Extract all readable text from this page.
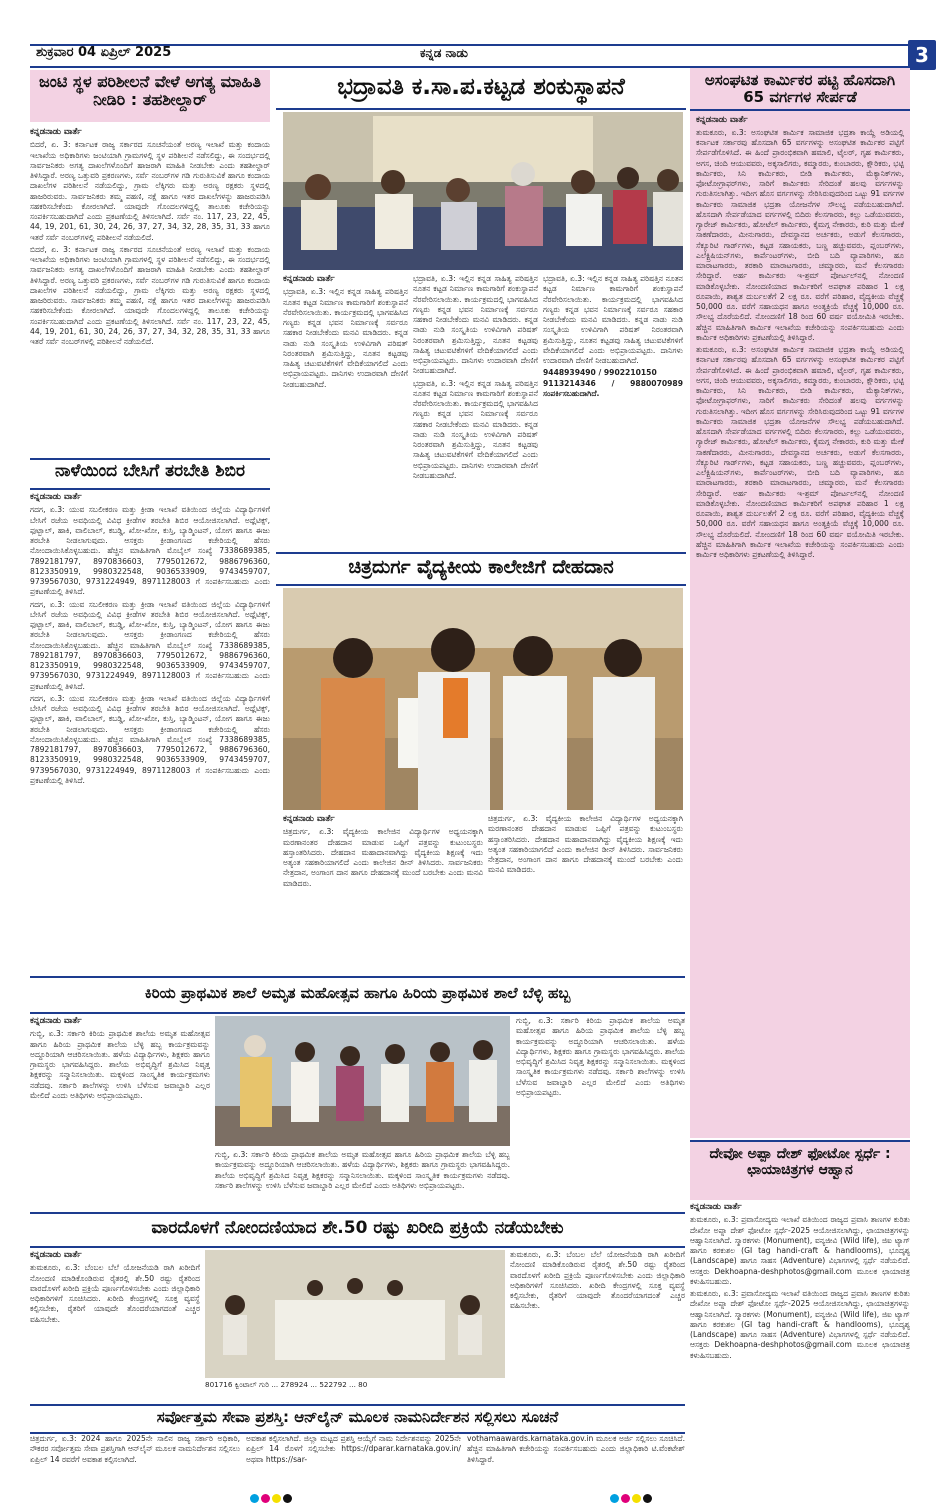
ಶುಕ್ರವಾರ 04 ಏಪ್ರಿಲ್ 2025	ಕನ್ನಡ ನಾಡು	3
ಜಂಟಿ ಸ್ಥಳ ಪರಿಶೀಲನೆ ವೇಳೆ ಅಗತ್ಯ ಮಾಹಿತಿ ನೀಡಿರಿ : ತಹಶೀಲ್ದಾರ್
ಕನ್ನಡನಾಡು ವಾರ್ತೆ

ಬಿದರೆ, ಏ. 3: ಕರ್ನಾಟಕ ರಾಜ್ಯ ಸರ್ಕಾರದ ಸೂಚನೆಯಂತೆ ಅರಣ್ಯ ಇಲಾಖೆ ಮತ್ತು ಕಂದಾಯ ಇಲಾಖೆಯ ಅಧಿಕಾರಿಗಳು ಜಂಟಿಯಾಗಿ ಗ್ರಾಮಗಳಲ್ಲಿ ಸ್ಥಳ ಪರಿಶೀಲನೆ ನಡೆಸಲಿದ್ದು, ಈ ಸಂದರ್ಭದಲ್ಲಿ ಸಾರ್ವಜನಿಕರು ಅಗತ್ಯ ದಾಖಲೆಗಳೊಂದಿಗೆ ಹಾಜರಾಗಿ ಮಾಹಿತಿ ನೀಡಬೇಕು ಎಂದು ತಹಶೀಲ್ದಾರ್ ತಿಳಿಸಿದ್ದಾರೆ. ಅರಣ್ಯ ಒತ್ತುವರಿ ಪ್ರಕರಣಗಳು, ಸರ್ವೆ ನಂಬರ್‌ಗಳ ಗಡಿ ಗುರುತಿಸುವಿಕೆ ಹಾಗೂ ಕಂದಾಯ ದಾಖಲೆಗಳ ಪರಿಶೀಲನೆ ನಡೆಯಲಿದ್ದು, ಗ್ರಾಮ ಲೆಕ್ಕಿಗರು ಮತ್ತು ಅರಣ್ಯ ರಕ್ಷಕರು ಸ್ಥಳದಲ್ಲಿ ಹಾಜರಿರುವರು. ಸಾರ್ವಜನಿಕರು ತಮ್ಮ ಪಹಣಿ, ನಕ್ಷೆ ಹಾಗೂ ಇತರ ದಾಖಲೆಗಳನ್ನು ಹಾಜರುಪಡಿಸಿ ಸಹಕರಿಸಬೇಕೆಂದು ಕೋರಲಾಗಿದೆ. ಯಾವುದೇ ಗೊಂದಲಗಳಿದ್ದಲ್ಲಿ ತಾಲೂಕು ಕಚೇರಿಯನ್ನು ಸಂಪರ್ಕಿಸಬಹುದಾಗಿದೆ ಎಂದು ಪ್ರಕಟಣೆಯಲ್ಲಿ ತಿಳಿಸಲಾಗಿದೆ. ಸರ್ವೆ ನಂ. 117, 23, 22, 45, 44, 19, 201, 61, 30, 24, 26, 37, 27, 34, 32, 28, 35, 31, 33 ಹಾಗೂ ಇತರೆ ಸರ್ವೆ ನಂಬರ್‌ಗಳಲ್ಲಿ ಪರಿಶೀಲನೆ ನಡೆಯಲಿದೆ.

ಬಿದರೆ, ಏ. 3: ಕರ್ನಾಟಕ ರಾಜ್ಯ ಸರ್ಕಾರದ ಸೂಚನೆಯಂತೆ ಅರಣ್ಯ ಇಲಾಖೆ ಮತ್ತು ಕಂದಾಯ ಇಲಾಖೆಯ ಅಧಿಕಾರಿಗಳು ಜಂಟಿಯಾಗಿ ಗ್ರಾಮಗಳಲ್ಲಿ ಸ್ಥಳ ಪರಿಶೀಲನೆ ನಡೆಸಲಿದ್ದು, ಈ ಸಂದರ್ಭದಲ್ಲಿ ಸಾರ್ವಜನಿಕರು ಅಗತ್ಯ ದಾಖಲೆಗಳೊಂದಿಗೆ ಹಾಜರಾಗಿ ಮಾಹಿತಿ ನೀಡಬೇಕು ಎಂದು ತಹಶೀಲ್ದಾರ್ ತಿಳಿಸಿದ್ದಾರೆ. ಅರಣ್ಯ ಒತ್ತುವರಿ ಪ್ರಕರಣಗಳು, ಸರ್ವೆ ನಂಬರ್‌ಗಳ ಗಡಿ ಗುರುತಿಸುವಿಕೆ ಹಾಗೂ ಕಂದಾಯ ದಾಖಲೆಗಳ ಪರಿಶೀಲನೆ ನಡೆಯಲಿದ್ದು, ಗ್ರಾಮ ಲೆಕ್ಕಿಗರು ಮತ್ತು ಅರಣ್ಯ ರಕ್ಷಕರು ಸ್ಥಳದಲ್ಲಿ ಹಾಜರಿರುವರು. ಸಾರ್ವಜನಿಕರು ತಮ್ಮ ಪಹಣಿ, ನಕ್ಷೆ ಹಾಗೂ ಇತರ ದಾಖಲೆಗಳನ್ನು ಹಾಜರುಪಡಿಸಿ ಸಹಕರಿಸಬೇಕೆಂದು ಕೋರಲಾಗಿದೆ. ಯಾವುದೇ ಗೊಂದಲಗಳಿದ್ದಲ್ಲಿ ತಾಲೂಕು ಕಚೇರಿಯನ್ನು ಸಂಪರ್ಕಿಸಬಹುದಾಗಿದೆ ಎಂದು ಪ್ರಕಟಣೆಯಲ್ಲಿ ತಿಳಿಸಲಾಗಿದೆ. ಸರ್ವೆ ನಂ. 117, 23, 22, 45, 44, 19, 201, 61, 30, 24, 26, 37, 27, 34, 32, 28, 35, 31, 33 ಹಾಗೂ ಇತರೆ ಸರ್ವೆ ನಂಬರ್‌ಗಳಲ್ಲಿ ಪರಿಶೀಲನೆ ನಡೆಯಲಿದೆ.

ನಾಳೆಯಿಂದ ಬೇಸಿಗೆ ತರಬೇತಿ ಶಿಬಿರ
ಕನ್ನಡನಾಡು ವಾರ್ತೆ

ಗದಗ, ಏ.3: ಯುವ ಸಬಲೀಕರಣ ಮತ್ತು ಕ್ರೀಡಾ ಇಲಾಖೆ ವತಿಯಿಂದ ಜಿಲ್ಲೆಯ ವಿದ್ಯಾರ್ಥಿಗಳಿಗೆ ಬೇಸಿಗೆ ರಜೆಯ ಅವಧಿಯಲ್ಲಿ ವಿವಿಧ ಕ್ರೀಡೆಗಳ ತರಬೇತಿ ಶಿಬಿರ ಆಯೋಜಿಸಲಾಗಿದೆ. ಅಥ್ಲೆಟಿಕ್ಸ್, ಫುಟ್ಬಾಲ್, ಹಾಕಿ, ವಾಲಿಬಾಲ್, ಕಬಡ್ಡಿ, ಖೋ-ಖೋ, ಕುಸ್ತಿ, ಬ್ಯಾಡ್ಮಿಂಟನ್, ಯೋಗ ಹಾಗೂ ಈಜು ತರಬೇತಿ ನೀಡಲಾಗುವುದು. ಆಸಕ್ತರು ಕ್ರೀಡಾಂಗಣದ ಕಚೇರಿಯಲ್ಲಿ ಹೆಸರು ನೋಂದಾಯಿಸಿಕೊಳ್ಳಬಹುದು. ಹೆಚ್ಚಿನ ಮಾಹಿತಿಗಾಗಿ ಮೊಬೈಲ್ ಸಂಖ್ಯೆ 7338689385, 7892181797, 8970836603, 7795012672, 9886796360, 8123350919, 9980322548, 9036533909, 9743459707, 9739567030, 9731224949, 8971128003 ಗೆ ಸಂಪರ್ಕಿಸಬಹುದು ಎಂದು ಪ್ರಕಟಣೆಯಲ್ಲಿ ತಿಳಿಸಿದೆ.

ಗದಗ, ಏ.3: ಯುವ ಸಬಲೀಕರಣ ಮತ್ತು ಕ್ರೀಡಾ ಇಲಾಖೆ ವತಿಯಿಂದ ಜಿಲ್ಲೆಯ ವಿದ್ಯಾರ್ಥಿಗಳಿಗೆ ಬೇಸಿಗೆ ರಜೆಯ ಅವಧಿಯಲ್ಲಿ ವಿವಿಧ ಕ್ರೀಡೆಗಳ ತರಬೇತಿ ಶಿಬಿರ ಆಯೋಜಿಸಲಾಗಿದೆ. ಅಥ್ಲೆಟಿಕ್ಸ್, ಫುಟ್ಬಾಲ್, ಹಾಕಿ, ವಾಲಿಬಾಲ್, ಕಬಡ್ಡಿ, ಖೋ-ಖೋ, ಕುಸ್ತಿ, ಬ್ಯಾಡ್ಮಿಂಟನ್, ಯೋಗ ಹಾಗೂ ಈಜು ತರಬೇತಿ ನೀಡಲಾಗುವುದು. ಆಸಕ್ತರು ಕ್ರೀಡಾಂಗಣದ ಕಚೇರಿಯಲ್ಲಿ ಹೆಸರು ನೋಂದಾಯಿಸಿಕೊಳ್ಳಬಹುದು. ಹೆಚ್ಚಿನ ಮಾಹಿತಿಗಾಗಿ ಮೊಬೈಲ್ ಸಂಖ್ಯೆ 7338689385, 7892181797, 8970836603, 7795012672, 9886796360, 8123350919, 9980322548, 9036533909, 9743459707, 9739567030, 9731224949, 8971128003 ಗೆ ಸಂಪರ್ಕಿಸಬಹುದು ಎಂದು ಪ್ರಕಟಣೆಯಲ್ಲಿ ತಿಳಿಸಿದೆ.

ಗದಗ, ಏ.3: ಯುವ ಸಬಲೀಕರಣ ಮತ್ತು ಕ್ರೀಡಾ ಇಲಾಖೆ ವತಿಯಿಂದ ಜಿಲ್ಲೆಯ ವಿದ್ಯಾರ್ಥಿಗಳಿಗೆ ಬೇಸಿಗೆ ರಜೆಯ ಅವಧಿಯಲ್ಲಿ ವಿವಿಧ ಕ್ರೀಡೆಗಳ ತರಬೇತಿ ಶಿಬಿರ ಆಯೋಜಿಸಲಾಗಿದೆ. ಅಥ್ಲೆಟಿಕ್ಸ್, ಫುಟ್ಬಾಲ್, ಹಾಕಿ, ವಾಲಿಬಾಲ್, ಕಬಡ್ಡಿ, ಖೋ-ಖೋ, ಕುಸ್ತಿ, ಬ್ಯಾಡ್ಮಿಂಟನ್, ಯೋಗ ಹಾಗೂ ಈಜು ತರಬೇತಿ ನೀಡಲಾಗುವುದು. ಆಸಕ್ತರು ಕ್ರೀಡಾಂಗಣದ ಕಚೇರಿಯಲ್ಲಿ ಹೆಸರು ನೋಂದಾಯಿಸಿಕೊಳ್ಳಬಹುದು. ಹೆಚ್ಚಿನ ಮಾಹಿತಿಗಾಗಿ ಮೊಬೈಲ್ ಸಂಖ್ಯೆ 7338689385, 7892181797, 8970836603, 7795012672, 9886796360, 8123350919, 9980322548, 9036533909, 9743459707, 9739567030, 9731224949, 8971128003 ಗೆ ಸಂಪರ್ಕಿಸಬಹುದು ಎಂದು ಪ್ರಕಟಣೆಯಲ್ಲಿ ತಿಳಿಸಿದೆ.

ಭದ್ರಾವತಿ ಕ.ಸಾ.ಪ.ಕಟ್ಟಡ ಶಂಕುಸ್ಥಾಪನೆ
ಕನ್ನಡನಾಡು ವಾರ್ತೆ

ಭದ್ರಾವತಿ, ಏ.3: ಇಲ್ಲಿನ ಕನ್ನಡ ಸಾಹಿತ್ಯ ಪರಿಷತ್ತಿನ ನೂತನ ಕಟ್ಟಡ ನಿರ್ಮಾಣ ಕಾಮಗಾರಿಗೆ ಶಂಕುಸ್ಥಾಪನೆ ನೆರವೇರಿಸಲಾಯಿತು. ಕಾರ್ಯಕ್ರಮದಲ್ಲಿ ಭಾಗವಹಿಸಿದ ಗಣ್ಯರು ಕನ್ನಡ ಭವನ ನಿರ್ಮಾಣಕ್ಕೆ ಸರ್ವರೂ ಸಹಕಾರ ನೀಡಬೇಕೆಂದು ಮನವಿ ಮಾಡಿದರು. ಕನ್ನಡ ನಾಡು ನುಡಿ ಸಂಸ್ಕೃತಿಯ ಉಳಿವಿಗಾಗಿ ಪರಿಷತ್ ನಿರಂತರವಾಗಿ ಶ್ರಮಿಸುತ್ತಿದ್ದು, ನೂತನ ಕಟ್ಟಡವು ಸಾಹಿತ್ಯ ಚಟುವಟಿಕೆಗಳಿಗೆ ವೇದಿಕೆಯಾಗಲಿದೆ ಎಂದು ಅಭಿಪ್ರಾಯಪಟ್ಟರು. ದಾನಿಗಳು ಉದಾರವಾಗಿ ದೇಣಿಗೆ ನೀಡಬಹುದಾಗಿದೆ.

ಭದ್ರಾವತಿ, ಏ.3: ಇಲ್ಲಿನ ಕನ್ನಡ ಸಾಹಿತ್ಯ ಪರಿಷತ್ತಿನ ನೂತನ ಕಟ್ಟಡ ನಿರ್ಮಾಣ ಕಾಮಗಾರಿಗೆ ಶಂಕುಸ್ಥಾಪನೆ ನೆರವೇರಿಸಲಾಯಿತು. ಕಾರ್ಯಕ್ರಮದಲ್ಲಿ ಭಾಗವಹಿಸಿದ ಗಣ್ಯರು ಕನ್ನಡ ಭವನ ನಿರ್ಮಾಣಕ್ಕೆ ಸರ್ವರೂ ಸಹಕಾರ ನೀಡಬೇಕೆಂದು ಮನವಿ ಮಾಡಿದರು. ಕನ್ನಡ ನಾಡು ನುಡಿ ಸಂಸ್ಕೃತಿಯ ಉಳಿವಿಗಾಗಿ ಪರಿಷತ್ ನಿರಂತರವಾಗಿ ಶ್ರಮಿಸುತ್ತಿದ್ದು, ನೂತನ ಕಟ್ಟಡವು ಸಾಹಿತ್ಯ ಚಟುವಟಿಕೆಗಳಿಗೆ ವೇದಿಕೆಯಾಗಲಿದೆ ಎಂದು ಅಭಿಪ್ರಾಯಪಟ್ಟರು. ದಾನಿಗಳು ಉದಾರವಾಗಿ ದೇಣಿಗೆ ನೀಡಬಹುದಾಗಿದೆ.

ಭದ್ರಾವತಿ, ಏ.3: ಇಲ್ಲಿನ ಕನ್ನಡ ಸಾಹಿತ್ಯ ಪರಿಷತ್ತಿನ ನೂತನ ಕಟ್ಟಡ ನಿರ್ಮಾಣ ಕಾಮಗಾರಿಗೆ ಶಂಕುಸ್ಥಾಪನೆ ನೆರವೇರಿಸಲಾಯಿತು. ಕಾರ್ಯಕ್ರಮದಲ್ಲಿ ಭಾಗವಹಿಸಿದ ಗಣ್ಯರು ಕನ್ನಡ ಭವನ ನಿರ್ಮಾಣಕ್ಕೆ ಸರ್ವರೂ ಸಹಕಾರ ನೀಡಬೇಕೆಂದು ಮನವಿ ಮಾಡಿದರು. ಕನ್ನಡ ನಾಡು ನುಡಿ ಸಂಸ್ಕೃತಿಯ ಉಳಿವಿಗಾಗಿ ಪರಿಷತ್ ನಿರಂತರವಾಗಿ ಶ್ರಮಿಸುತ್ತಿದ್ದು, ನೂತನ ಕಟ್ಟಡವು ಸಾಹಿತ್ಯ ಚಟುವಟಿಕೆಗಳಿಗೆ ವೇದಿಕೆಯಾಗಲಿದೆ ಎಂದು ಅಭಿಪ್ರಾಯಪಟ್ಟರು. ದಾನಿಗಳು ಉದಾರವಾಗಿ ದೇಣಿಗೆ ನೀಡಬಹುದಾಗಿದೆ.

ಭದ್ರಾವತಿ, ಏ.3: ಇಲ್ಲಿನ ಕನ್ನಡ ಸಾಹಿತ್ಯ ಪರಿಷತ್ತಿನ ನೂತನ ಕಟ್ಟಡ ನಿರ್ಮಾಣ ಕಾಮಗಾರಿಗೆ ಶಂಕುಸ್ಥಾಪನೆ ನೆರವೇರಿಸಲಾಯಿತು. ಕಾರ್ಯಕ್ರಮದಲ್ಲಿ ಭಾಗವಹಿಸಿದ ಗಣ್ಯರು ಕನ್ನಡ ಭವನ ನಿರ್ಮಾಣಕ್ಕೆ ಸರ್ವರೂ ಸಹಕಾರ ನೀಡಬೇಕೆಂದು ಮನವಿ ಮಾಡಿದರು. ಕನ್ನಡ ನಾಡು ನುಡಿ ಸಂಸ್ಕೃತಿಯ ಉಳಿವಿಗಾಗಿ ಪರಿಷತ್ ನಿರಂತರವಾಗಿ ಶ್ರಮಿಸುತ್ತಿದ್ದು, ನೂತನ ಕಟ್ಟಡವು ಸಾಹಿತ್ಯ ಚಟುವಟಿಕೆಗಳಿಗೆ ವೇದಿಕೆಯಾಗಲಿದೆ ಎಂದು ಅಭಿಪ್ರಾಯಪಟ್ಟರು. ದಾನಿಗಳು ಉದಾರವಾಗಿ ದೇಣಿಗೆ ನೀಡಬಹುದಾಗಿದೆ.

9448939490 / 9902210150
9113214346 / 9880070989 ಸಂಪರ್ಕಿಸಬಹುದಾಗಿದೆ.

ಚಿತ್ರದುರ್ಗ ವೈದ್ಯಕೀಯ ಕಾಲೇಜಿಗೆ ದೇಹದಾನ
ಕನ್ನಡನಾಡು ವಾರ್ತೆ

ಚಿತ್ರದುರ್ಗ, ಏ.3: ವೈದ್ಯಕೀಯ ಕಾಲೇಜಿನ ವಿದ್ಯಾರ್ಥಿಗಳ ಅಧ್ಯಯನಕ್ಕಾಗಿ ಮರಣಾನಂತರ ದೇಹದಾನ ಮಾಡುವ ಒಪ್ಪಿಗೆ ಪತ್ರವನ್ನು ಕುಟುಂಬಸ್ಥರು ಹಸ್ತಾಂತರಿಸಿದರು. ದೇಹದಾನ ಮಹಾದಾನವಾಗಿದ್ದು ವೈದ್ಯಕೀಯ ಶಿಕ್ಷಣಕ್ಕೆ ಇದು ಅತ್ಯಂತ ಸಹಕಾರಿಯಾಗಲಿದೆ ಎಂದು ಕಾಲೇಜಿನ ಡೀನ್ ತಿಳಿಸಿದರು. ಸಾರ್ವಜನಿಕರು ನೇತ್ರದಾನ, ಅಂಗಾಂಗ ದಾನ ಹಾಗೂ ದೇಹದಾನಕ್ಕೆ ಮುಂದೆ ಬರಬೇಕು ಎಂದು ಮನವಿ ಮಾಡಿದರು.

ಚಿತ್ರದುರ್ಗ, ಏ.3: ವೈದ್ಯಕೀಯ ಕಾಲೇಜಿನ ವಿದ್ಯಾರ್ಥಿಗಳ ಅಧ್ಯಯನಕ್ಕಾಗಿ ಮರಣಾನಂತರ ದೇಹದಾನ ಮಾಡುವ ಒಪ್ಪಿಗೆ ಪತ್ರವನ್ನು ಕುಟುಂಬಸ್ಥರು ಹಸ್ತಾಂತರಿಸಿದರು. ದೇಹದಾನ ಮಹಾದಾನವಾಗಿದ್ದು ವೈದ್ಯಕೀಯ ಶಿಕ್ಷಣಕ್ಕೆ ಇದು ಅತ್ಯಂತ ಸಹಕಾರಿಯಾಗಲಿದೆ ಎಂದು ಕಾಲೇಜಿನ ಡೀನ್ ತಿಳಿಸಿದರು. ಸಾರ್ವಜನಿಕರು ನೇತ್ರದಾನ, ಅಂಗಾಂಗ ದಾನ ಹಾಗೂ ದೇಹದಾನಕ್ಕೆ ಮುಂದೆ ಬರಬೇಕು ಎಂದು ಮನವಿ ಮಾಡಿದರು.

ಅಸಂಘಟಿತ ಕಾರ್ಮಿಕರ ಪಟ್ಟಿ ಹೊಸದಾಗಿ 65 ವರ್ಗಗಳ ಸೇರ್ಪಡೆ
ಕನ್ನಡನಾಡು ವಾರ್ತೆ

ತುಮಕೂರು, ಏ.3: ಅಸಂಘಟಿತ ಕಾರ್ಮಿಕ ಸಾಮಾಜಿಕ ಭದ್ರತಾ ಕಾಯ್ದೆ ಅಡಿಯಲ್ಲಿ ಕರ್ನಾಟಕ ಸರ್ಕಾರವು ಹೊಸದಾಗಿ 65 ವರ್ಗಗಳನ್ನು ಅಸಂಘಟಿತ ಕಾರ್ಮಿಕರ ಪಟ್ಟಿಗೆ ಸೇರ್ಪಡೆಗೊಳಿಸಿದೆ. ಈ ಹಿಂದೆ ಪ್ರಾರಂಭಿಕವಾಗಿ ಹಮಾಲಿ, ಟೈಲರ್, ಗೃಹ ಕಾರ್ಮಿಕರು, ಅಗಸ, ಚಿಂದಿ ಆಯುವವರು, ಅಕ್ಕಸಾಲಿಗರು, ಕಮ್ಮಾರರು, ಕುಂಬಾರರು, ಕ್ಷೌರಿಕರು, ಭಟ್ಟಿ ಕಾರ್ಮಿಕರು, ಸಿನಿ ಕಾರ್ಮಿಕರು, ಬೀಡಿ ಕಾರ್ಮಿಕರು, ಮೆಕ್ಯಾನಿಕ್‌ಗಳು, ಫೋಟೋಗ್ರಾಫರ್‌ಗಳು, ಸಾರಿಗೆ ಕಾರ್ಮಿಕರು ಸೇರಿದಂತೆ ಹಲವು ವರ್ಗಗಳನ್ನು ಗುರುತಿಸಲಾಗಿತ್ತು. ಇದೀಗ ಹೊಸ ವರ್ಗಗಳನ್ನು ಸೇರಿಸಿರುವುದರಿಂದ ಒಟ್ಟು 91 ವರ್ಗಗಳ ಕಾರ್ಮಿಕರು ಸಾಮಾಜಿಕ ಭದ್ರತಾ ಯೋಜನೆಗಳ ಸೌಲಭ್ಯ ಪಡೆಯಬಹುದಾಗಿದೆ. ಹೊಸದಾಗಿ ಸೇರ್ಪಡೆಯಾದ ವರ್ಗಗಳಲ್ಲಿ ಬಿದಿರು ಕೆಲಸಗಾರರು, ಕಲ್ಲು ಒಡೆಯುವವರು, ಗ್ಯಾರೇಜ್ ಕಾರ್ಮಿಕರು, ಹೋಟೆಲ್ ಕಾರ್ಮಿಕರು, ಕೈಮಗ್ಗ ನೇಕಾರರು, ಕುರಿ ಮತ್ತು ಮೇಕೆ ಸಾಕಣೆದಾರರು, ಮೀನುಗಾರರು, ದೇವಸ್ಥಾನದ ಅರ್ಚಕರು, ಅಡುಗೆ ಕೆಲಸಗಾರರು, ಸೆಕ್ಯೂರಿಟಿ ಗಾರ್ಡ್‌ಗಳು, ಕಟ್ಟಡ ಸಹಾಯಕರು, ಬಣ್ಣ ಹಚ್ಚುವವರು, ಪ್ಲಂಬರ್‌ಗಳು, ಎಲೆಕ್ಟ್ರಿಷಿಯನ್‌ಗಳು, ಕಾರ್ಪೆಂಟರ್‌ಗಳು, ಬೀದಿ ಬದಿ ವ್ಯಾಪಾರಿಗಳು, ಹೂ ಮಾರಾಟಗಾರರು, ತರಕಾರಿ ಮಾರಾಟಗಾರರು, ಚಮ್ಮಾರರು, ಮನೆ ಕೆಲಸಗಾರರು ಸೇರಿದ್ದಾರೆ. ಅರ್ಹ ಕಾರ್ಮಿಕರು ಇ-ಶ್ರಮ್ ಪೋರ್ಟಲ್‌ನಲ್ಲಿ ನೋಂದಣಿ ಮಾಡಿಕೊಳ್ಳಬೇಕು. ನೋಂದಣಿಯಾದ ಕಾರ್ಮಿಕರಿಗೆ ಅಪಘಾತ ಪರಿಹಾರ 1 ಲಕ್ಷ ರೂಪಾಯಿ, ಶಾಶ್ವತ ದುರ್ಬಲತೆಗೆ 2 ಲಕ್ಷ ರೂ. ವರೆಗೆ ಪರಿಹಾರ, ವೈದ್ಯಕೀಯ ವೆಚ್ಚಕ್ಕೆ 50,000 ರೂ. ವರೆಗೆ ಸಹಾಯಧನ ಹಾಗೂ ಅಂತ್ಯಕ್ರಿಯೆ ವೆಚ್ಚಕ್ಕೆ 10,000 ರೂ. ಸೌಲಭ್ಯ ದೊರೆಯಲಿದೆ. ನೋಂದಣಿಗೆ 18 ರಿಂದ 60 ವರ್ಷ ವಯೋಮಿತಿ ಇರಬೇಕು. ಹೆಚ್ಚಿನ ಮಾಹಿತಿಗಾಗಿ ಕಾರ್ಮಿಕ ಇಲಾಖೆಯ ಕಚೇರಿಯನ್ನು ಸಂಪರ್ಕಿಸಬಹುದು ಎಂದು ಕಾರ್ಮಿಕ ಅಧಿಕಾರಿಗಳು ಪ್ರಕಟಣೆಯಲ್ಲಿ ತಿಳಿಸಿದ್ದಾರೆ.

ತುಮಕೂರು, ಏ.3: ಅಸಂಘಟಿತ ಕಾರ್ಮಿಕ ಸಾಮಾಜಿಕ ಭದ್ರತಾ ಕಾಯ್ದೆ ಅಡಿಯಲ್ಲಿ ಕರ್ನಾಟಕ ಸರ್ಕಾರವು ಹೊಸದಾಗಿ 65 ವರ್ಗಗಳನ್ನು ಅಸಂಘಟಿತ ಕಾರ್ಮಿಕರ ಪಟ್ಟಿಗೆ ಸೇರ್ಪಡೆಗೊಳಿಸಿದೆ. ಈ ಹಿಂದೆ ಪ್ರಾರಂಭಿಕವಾಗಿ ಹಮಾಲಿ, ಟೈಲರ್, ಗೃಹ ಕಾರ್ಮಿಕರು, ಅಗಸ, ಚಿಂದಿ ಆಯುವವರು, ಅಕ್ಕಸಾಲಿಗರು, ಕಮ್ಮಾರರು, ಕುಂಬಾರರು, ಕ್ಷೌರಿಕರು, ಭಟ್ಟಿ ಕಾರ್ಮಿಕರು, ಸಿನಿ ಕಾರ್ಮಿಕರು, ಬೀಡಿ ಕಾರ್ಮಿಕರು, ಮೆಕ್ಯಾನಿಕ್‌ಗಳು, ಫೋಟೋಗ್ರಾಫರ್‌ಗಳು, ಸಾರಿಗೆ ಕಾರ್ಮಿಕರು ಸೇರಿದಂತೆ ಹಲವು ವರ್ಗಗಳನ್ನು ಗುರುತಿಸಲಾಗಿತ್ತು. ಇದೀಗ ಹೊಸ ವರ್ಗಗಳನ್ನು ಸೇರಿಸಿರುವುದರಿಂದ ಒಟ್ಟು 91 ವರ್ಗಗಳ ಕಾರ್ಮಿಕರು ಸಾಮಾಜಿಕ ಭದ್ರತಾ ಯೋಜನೆಗಳ ಸೌಲಭ್ಯ ಪಡೆಯಬಹುದಾಗಿದೆ. ಹೊಸದಾಗಿ ಸೇರ್ಪಡೆಯಾದ ವರ್ಗಗಳಲ್ಲಿ ಬಿದಿರು ಕೆಲಸಗಾರರು, ಕಲ್ಲು ಒಡೆಯುವವರು, ಗ್ಯಾರೇಜ್ ಕಾರ್ಮಿಕರು, ಹೋಟೆಲ್ ಕಾರ್ಮಿಕರು, ಕೈಮಗ್ಗ ನೇಕಾರರು, ಕುರಿ ಮತ್ತು ಮೇಕೆ ಸಾಕಣೆದಾರರು, ಮೀನುಗಾರರು, ದೇವಸ್ಥಾನದ ಅರ್ಚಕರು, ಅಡುಗೆ ಕೆಲಸಗಾರರು, ಸೆಕ್ಯೂರಿಟಿ ಗಾರ್ಡ್‌ಗಳು, ಕಟ್ಟಡ ಸಹಾಯಕರು, ಬಣ್ಣ ಹಚ್ಚುವವರು, ಪ್ಲಂಬರ್‌ಗಳು, ಎಲೆಕ್ಟ್ರಿಷಿಯನ್‌ಗಳು, ಕಾರ್ಪೆಂಟರ್‌ಗಳು, ಬೀದಿ ಬದಿ ವ್ಯಾಪಾರಿಗಳು, ಹೂ ಮಾರಾಟಗಾರರು, ತರಕಾರಿ ಮಾರಾಟಗಾರರು, ಚಮ್ಮಾರರು, ಮನೆ ಕೆಲಸಗಾರರು ಸೇರಿದ್ದಾರೆ. ಅರ್ಹ ಕಾರ್ಮಿಕರು ಇ-ಶ್ರಮ್ ಪೋರ್ಟಲ್‌ನಲ್ಲಿ ನೋಂದಣಿ ಮಾಡಿಕೊಳ್ಳಬೇಕು. ನೋಂದಣಿಯಾದ ಕಾರ್ಮಿಕರಿಗೆ ಅಪಘಾತ ಪರಿಹಾರ 1 ಲಕ್ಷ ರೂಪಾಯಿ, ಶಾಶ್ವತ ದುರ್ಬಲತೆಗೆ 2 ಲಕ್ಷ ರೂ. ವರೆಗೆ ಪರಿಹಾರ, ವೈದ್ಯಕೀಯ ವೆಚ್ಚಕ್ಕೆ 50,000 ರೂ. ವರೆಗೆ ಸಹಾಯಧನ ಹಾಗೂ ಅಂತ್ಯಕ್ರಿಯೆ ವೆಚ್ಚಕ್ಕೆ 10,000 ರೂ. ಸೌಲಭ್ಯ ದೊರೆಯಲಿದೆ. ನೋಂದಣಿಗೆ 18 ರಿಂದ 60 ವರ್ಷ ವಯೋಮಿತಿ ಇರಬೇಕು. ಹೆಚ್ಚಿನ ಮಾಹಿತಿಗಾಗಿ ಕಾರ್ಮಿಕ ಇಲಾಖೆಯ ಕಚೇರಿಯನ್ನು ಸಂಪರ್ಕಿಸಬಹುದು ಎಂದು ಕಾರ್ಮಿಕ ಅಧಿಕಾರಿಗಳು ಪ್ರಕಟಣೆಯಲ್ಲಿ ತಿಳಿಸಿದ್ದಾರೆ.

ಕಿರಿಯ ಪ್ರಾಥಮಿಕ ಶಾಲೆ ಅಮೃತ ಮಹೋತ್ಸವ ಹಾಗೂ ಹಿರಿಯ ಪ್ರಾಥಮಿಕ ಶಾಲೆ ಬೆಳ್ಳಿ ಹಬ್ಬ
ಕನ್ನಡನಾಡು ವಾರ್ತೆ

ಗುಬ್ಬಿ, ಏ.3: ಸರ್ಕಾರಿ ಕಿರಿಯ ಪ್ರಾಥಮಿಕ ಶಾಲೆಯ ಅಮೃತ ಮಹೋತ್ಸವ ಹಾಗೂ ಹಿರಿಯ ಪ್ರಾಥಮಿಕ ಶಾಲೆಯ ಬೆಳ್ಳಿ ಹಬ್ಬ ಕಾರ್ಯಕ್ರಮವನ್ನು ಅದ್ದೂರಿಯಾಗಿ ಆಚರಿಸಲಾಯಿತು. ಹಳೆಯ ವಿದ್ಯಾರ್ಥಿಗಳು, ಶಿಕ್ಷಕರು ಹಾಗೂ ಗ್ರಾಮಸ್ಥರು ಭಾಗವಹಿಸಿದ್ದರು. ಶಾಲೆಯ ಅಭಿವೃದ್ಧಿಗೆ ಶ್ರಮಿಸಿದ ನಿವೃತ್ತ ಶಿಕ್ಷಕರನ್ನು ಸನ್ಮಾನಿಸಲಾಯಿತು. ಮಕ್ಕಳಿಂದ ಸಾಂಸ್ಕೃತಿಕ ಕಾರ್ಯಕ್ರಮಗಳು ನಡೆದವು. ಸರ್ಕಾರಿ ಶಾಲೆಗಳನ್ನು ಉಳಿಸಿ ಬೆಳೆಸುವ ಜವಾಬ್ದಾರಿ ಎಲ್ಲರ ಮೇಲಿದೆ ಎಂದು ಅತಿಥಿಗಳು ಅಭಿಪ್ರಾಯಪಟ್ಟರು.

ಗುಬ್ಬಿ, ಏ.3: ಸರ್ಕಾರಿ ಕಿರಿಯ ಪ್ರಾಥಮಿಕ ಶಾಲೆಯ ಅಮೃತ ಮಹೋತ್ಸವ ಹಾಗೂ ಹಿರಿಯ ಪ್ರಾಥಮಿಕ ಶಾಲೆಯ ಬೆಳ್ಳಿ ಹಬ್ಬ ಕಾರ್ಯಕ್ರಮವನ್ನು ಅದ್ದೂರಿಯಾಗಿ ಆಚರಿಸಲಾಯಿತು. ಹಳೆಯ ವಿದ್ಯಾರ್ಥಿಗಳು, ಶಿಕ್ಷಕರು ಹಾಗೂ ಗ್ರಾಮಸ್ಥರು ಭಾಗವಹಿಸಿದ್ದರು. ಶಾಲೆಯ ಅಭಿವೃದ್ಧಿಗೆ ಶ್ರಮಿಸಿದ ನಿವೃತ್ತ ಶಿಕ್ಷಕರನ್ನು ಸನ್ಮಾನಿಸಲಾಯಿತು. ಮಕ್ಕಳಿಂದ ಸಾಂಸ್ಕೃತಿಕ ಕಾರ್ಯಕ್ರಮಗಳು ನಡೆದವು. ಸರ್ಕಾರಿ ಶಾಲೆಗಳನ್ನು ಉಳಿಸಿ ಬೆಳೆಸುವ ಜವಾಬ್ದಾರಿ ಎಲ್ಲರ ಮೇಲಿದೆ ಎಂದು ಅತಿಥಿಗಳು ಅಭಿಪ್ರಾಯಪಟ್ಟರು.

ಗುಬ್ಬಿ, ಏ.3: ಸರ್ಕಾರಿ ಕಿರಿಯ ಪ್ರಾಥಮಿಕ ಶಾಲೆಯ ಅಮೃತ ಮಹೋತ್ಸವ ಹಾಗೂ ಹಿರಿಯ ಪ್ರಾಥಮಿಕ ಶಾಲೆಯ ಬೆಳ್ಳಿ ಹಬ್ಬ ಕಾರ್ಯಕ್ರಮವನ್ನು ಅದ್ದೂರಿಯಾಗಿ ಆಚರಿಸಲಾಯಿತು. ಹಳೆಯ ವಿದ್ಯಾರ್ಥಿಗಳು, ಶಿಕ್ಷಕರು ಹಾಗೂ ಗ್ರಾಮಸ್ಥರು ಭಾಗವಹಿಸಿದ್ದರು. ಶಾಲೆಯ ಅಭಿವೃದ್ಧಿಗೆ ಶ್ರಮಿಸಿದ ನಿವೃತ್ತ ಶಿಕ್ಷಕರನ್ನು ಸನ್ಮಾನಿಸಲಾಯಿತು. ಮಕ್ಕಳಿಂದ ಸಾಂಸ್ಕೃತಿಕ ಕಾರ್ಯಕ್ರಮಗಳು ನಡೆದವು. ಸರ್ಕಾರಿ ಶಾಲೆಗಳನ್ನು ಉಳಿಸಿ ಬೆಳೆಸುವ ಜವಾಬ್ದಾರಿ ಎಲ್ಲರ ಮೇಲಿದೆ ಎಂದು ಅತಿಥಿಗಳು ಅಭಿಪ್ರಾಯಪಟ್ಟರು.

ವಾರದೊಳಗೆ ನೋಂದಣಿಯಾದ ಶೇ.50 ರಷ್ಟು ಖರೀದಿ ಪ್ರಕ್ರಿಯೆ ನಡೆಯಬೇಕು
ಕನ್ನಡನಾಡು ವಾರ್ತೆ

ತುಮಕೂರು, ಏ.3: ಬೆಂಬಲ ಬೆಲೆ ಯೋಜನೆಯಡಿ ರಾಗಿ ಖರೀದಿಗೆ ನೋಂದಣಿ ಮಾಡಿಕೊಂಡಿರುವ ರೈತರಲ್ಲಿ ಶೇ.50 ರಷ್ಟು ರೈತರಿಂದ ವಾರದೊಳಗೆ ಖರೀದಿ ಪ್ರಕ್ರಿಯೆ ಪೂರ್ಣಗೊಳಿಸಬೇಕು ಎಂದು ಜಿಲ್ಲಾಧಿಕಾರಿ ಅಧಿಕಾರಿಗಳಿಗೆ ಸೂಚಿಸಿದರು. ಖರೀದಿ ಕೇಂದ್ರಗಳಲ್ಲಿ ಸೂಕ್ತ ವ್ಯವಸ್ಥೆ ಕಲ್ಪಿಸಬೇಕು, ರೈತರಿಗೆ ಯಾವುದೇ ತೊಂದರೆಯಾಗದಂತೆ ಎಚ್ಚರ ವಹಿಸಬೇಕು.

801716 ಕ್ವಿಂಟಾಲ್ ಗುರಿ ... 278924 ... 522792 ... 80

ತುಮಕೂರು, ಏ.3: ಬೆಂಬಲ ಬೆಲೆ ಯೋಜನೆಯಡಿ ರಾಗಿ ಖರೀದಿಗೆ ನೋಂದಣಿ ಮಾಡಿಕೊಂಡಿರುವ ರೈತರಲ್ಲಿ ಶೇ.50 ರಷ್ಟು ರೈತರಿಂದ ವಾರದೊಳಗೆ ಖರೀದಿ ಪ್ರಕ್ರಿಯೆ ಪೂರ್ಣಗೊಳಿಸಬೇಕು ಎಂದು ಜಿಲ್ಲಾಧಿಕಾರಿ ಅಧಿಕಾರಿಗಳಿಗೆ ಸೂಚಿಸಿದರು. ಖರೀದಿ ಕೇಂದ್ರಗಳಲ್ಲಿ ಸೂಕ್ತ ವ್ಯವಸ್ಥೆ ಕಲ್ಪಿಸಬೇಕು, ರೈತರಿಗೆ ಯಾವುದೇ ತೊಂದರೆಯಾಗದಂತೆ ಎಚ್ಚರ ವಹಿಸಬೇಕು.

ದೇವೋ ಅಪ್ಪಾ ದೇಶ್ ಫೋಟೋ ಸ್ಪರ್ಧೆ : ಛಾಯಾಚಿತ್ರಗಳ ಆಹ್ವಾನ
ಕನ್ನಡನಾಡು ವಾರ್ತೆ

ತುಮಕೂರು, ಏ.3: ಪ್ರವಾಸೋದ್ಯಮ ಇಲಾಖೆ ವತಿಯಿಂದ ರಾಜ್ಯದ ಪ್ರವಾಸಿ ತಾಣಗಳ ಕುರಿತು ದೇಖೋ ಅಪ್ನಾ ದೇಶ್ ಫೋಟೋ ಸ್ಪರ್ಧೆ-2025 ಆಯೋಜಿಸಲಾಗಿದ್ದು, ಛಾಯಾಚಿತ್ರಗಳನ್ನು ಆಹ್ವಾನಿಸಲಾಗಿದೆ. ಸ್ಮಾರಕಗಳು (Monument), ವನ್ಯಜೀವಿ (Wild life), ಜಿಐ ಟ್ಯಾಗ್ ಹಾಗೂ ಕರಕುಶಲ (GI tag handi-craft & handlooms), ಭೂದೃಶ್ಯ (Landscape) ಹಾಗೂ ಸಾಹಸ (Adventure) ವಿಭಾಗಗಳಲ್ಲಿ ಸ್ಪರ್ಧೆ ನಡೆಯಲಿದೆ. ಆಸಕ್ತರು Dekhoapna-deshphotos@gmail.com ಮೂಲಕ ಛಾಯಾಚಿತ್ರ ಕಳುಹಿಸಬಹುದು.

ತುಮಕೂರು, ಏ.3: ಪ್ರವಾಸೋದ್ಯಮ ಇಲಾಖೆ ವತಿಯಿಂದ ರಾಜ್ಯದ ಪ್ರವಾಸಿ ತಾಣಗಳ ಕುರಿತು ದೇಖೋ ಅಪ್ನಾ ದೇಶ್ ಫೋಟೋ ಸ್ಪರ್ಧೆ-2025 ಆಯೋಜಿಸಲಾಗಿದ್ದು, ಛಾಯಾಚಿತ್ರಗಳನ್ನು ಆಹ್ವಾನಿಸಲಾಗಿದೆ. ಸ್ಮಾರಕಗಳು (Monument), ವನ್ಯಜೀವಿ (Wild life), ಜಿಐ ಟ್ಯಾಗ್ ಹಾಗೂ ಕರಕುಶಲ (GI tag handi-craft & handlooms), ಭೂದೃಶ್ಯ (Landscape) ಹಾಗೂ ಸಾಹಸ (Adventure) ವಿಭಾಗಗಳಲ್ಲಿ ಸ್ಪರ್ಧೆ ನಡೆಯಲಿದೆ. ಆಸಕ್ತರು Dekhoapna-deshphotos@gmail.com ಮೂಲಕ ಛಾಯಾಚಿತ್ರ ಕಳುಹಿಸಬಹುದು.

ಸರ್ವೋತ್ತಮ ಸೇವಾ ಪ್ರಶಸ್ತಿ: ಆನ್‌ಲೈನ್ ಮೂಲಕ ನಾಮನಿರ್ದೇಶನ ಸಲ್ಲಿಸಲು ಸೂಚನೆ
ಚಿತ್ರದುರ್ಗ, ಏ.3: 2024 ಹಾಗೂ 2025ನೇ ಸಾಲಿನ ರಾಜ್ಯ ಸರ್ಕಾರಿ ಅಧಿಕಾರಿ, ನೌಕರರ ಸರ್ವೋತ್ತಮ ಸೇವಾ ಪ್ರಶಸ್ತಿಗಾಗಿ ಆನ್‌ಲೈನ್ ಮೂಲಕ ನಾಮನಿರ್ದೇಶನ ಸಲ್ಲಿಸಲು ಏಪ್ರಿಲ್ 14 ರವರೆಗೆ ಅವಕಾಶ ಕಲ್ಪಿಸಲಾಗಿದೆ.
ಅವಕಾಶ ಕಲ್ಪಿಸಲಾಗಿದೆ. ಜಿಲ್ಲಾ ಮಟ್ಟದ ಪ್ರಶಸ್ತಿ ಆಯ್ಕೆಗೆ ನಾಮ ನಿರ್ದೇಶನವನ್ನು 2025ನೇ ಏಪ್ರಿಲ್ 14 ರೊಳಗೆ ಸಲ್ಲಿಸಬೇಕು https://dparar.karnataka.gov.in/ ಅಥವಾ https://sar-
vothamaawards.karnataka.gov.in ಮೂಲಕ ಅರ್ಜಿ ಸಲ್ಲಿಸಲು ಸೂಚಿಸಿದೆ. ಹೆಚ್ಚಿನ ಮಾಹಿತಿಗಾಗಿ ಕಚೇರಿಯನ್ನು ಸಂಪರ್ಕಿಸಬಹುದು ಎಂದು ಜಿಲ್ಲಾಧಿಕಾರಿ ಟಿ.ವೆಂಕಟೇಶ್ ತಿಳಿಸಿದ್ದಾರೆ.
